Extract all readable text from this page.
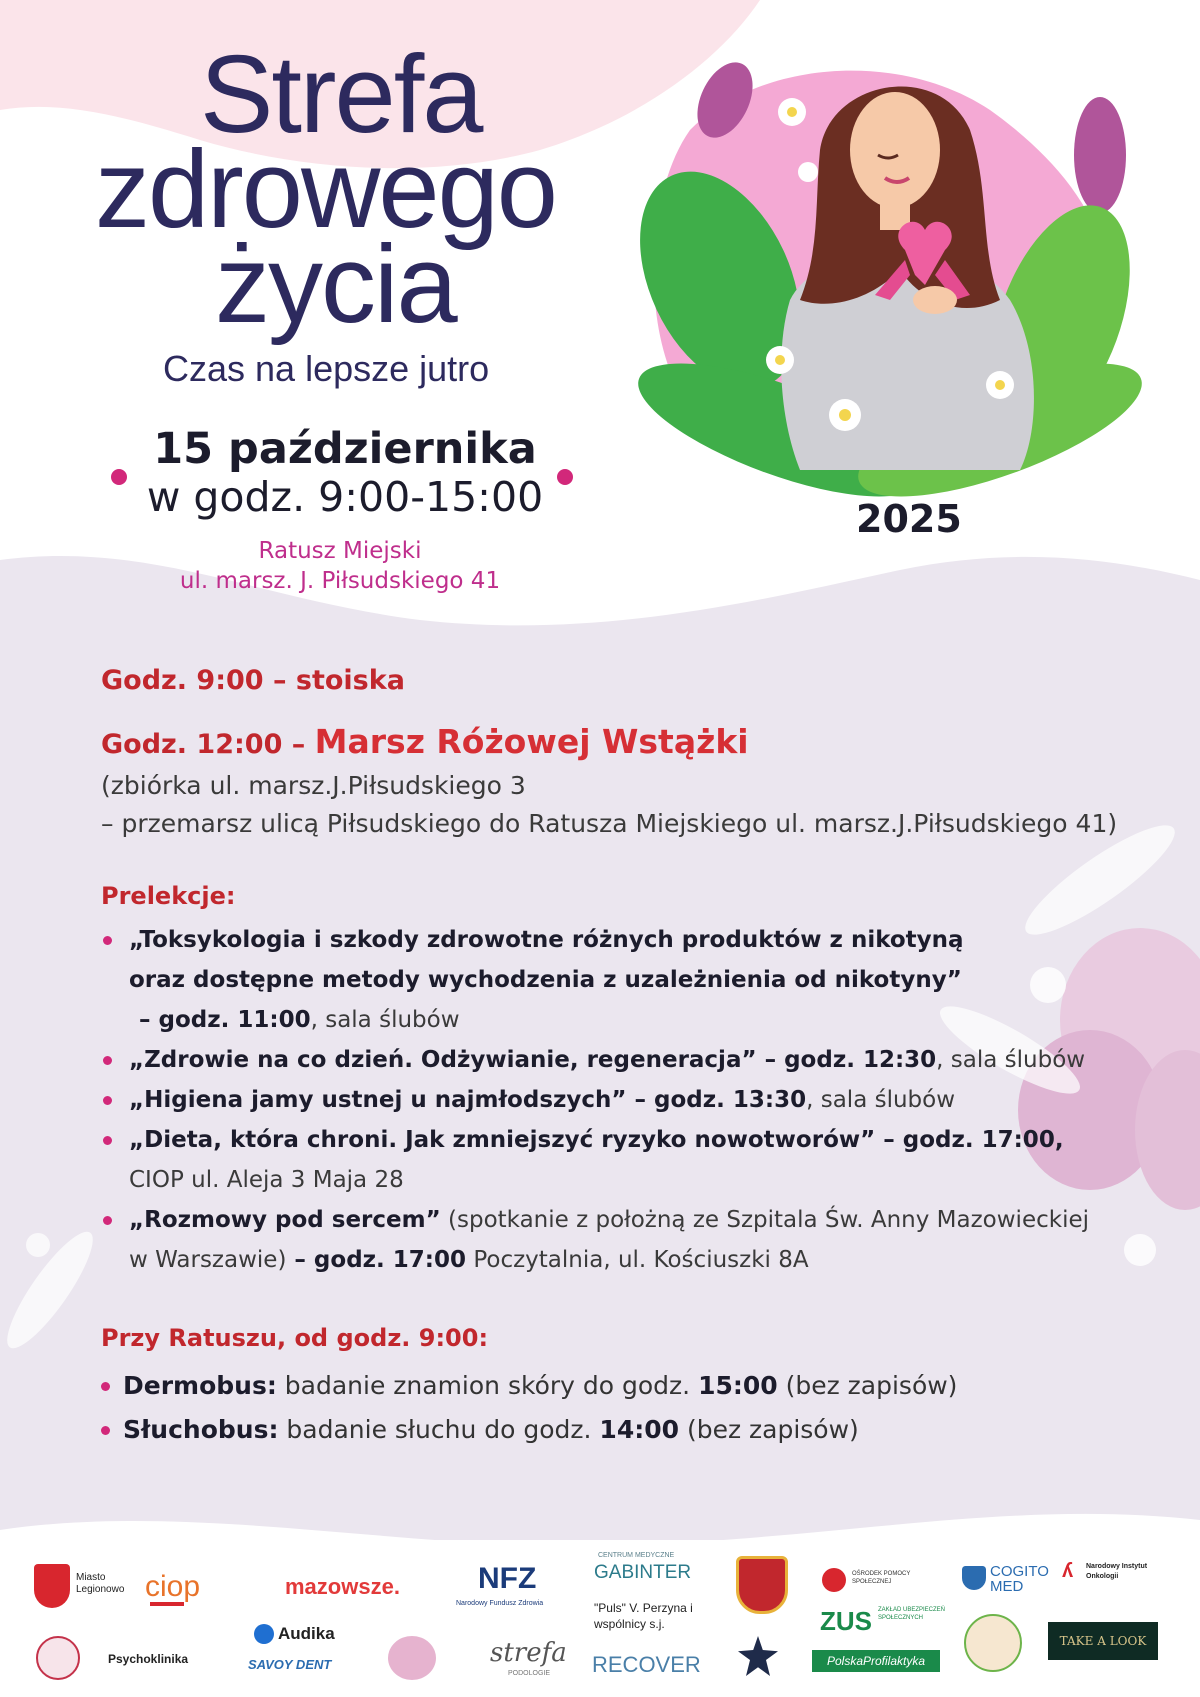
Strefa
zdrowego
życia
Czas na lepsze jutro

15 października

w godz. 9:00-15:00

Ratusz Miejski
ul. marsz. J. Piłsudskiego 41
2025

Godz. 9:00 – stoiska

Godz. 12:00 – Marsz Różowej Wstążki

(zbiórka ul. marsz.J.Piłsudskiego 3

– przemarsz ulicą Piłsudskiego do Ratusza Miejskiego ul. marsz.J.Piłsudskiego 41)

Prelekcje:

„Toksykologia i szkody zdrowotne różnych produktów z nikotyną
oraz dostępne metody wychodzenia z uzależnienia od nikotyny”
– godz. 11:00, sala ślubów
„Zdrowie na co dzień. Odżywianie, regeneracja” – godz. 12:30, sala ślubów
„Higiena jamy ustnej u najmłodszych” – godz. 13:30, sala ślubów
„Dieta, która chroni. Jak zmniejszyć ryzyko nowotworów” – godz. 17:00,
CIOP ul. Aleja 3 Maja 28
„Rozmowy pod sercem” (spotkanie z położną ze Szpitala Św. Anny Mazowieckiej
w Warszawie) – godz. 17:00 Poczytalnia, ul. Kościuszki 8A

Przy Ratuszu, od godz. 9:00:

Dermobus: badanie znamion skóry do godz. 15:00 (bez zapisów)
Słuchobus: badanie słuchu do godz. 14:00 (bez zapisów)
Miasto Legionowo ciop	mazowsze.	NFZ
Narodowy Fundusz Zdrowia
CENTRUM MEDYCZNE
GABINTER
"Puls" V. Perzyna i wspólnicy s.j.
OŚRODEK POMOCY SPOŁECZNEJ
COGITO MED
ʎ Narodowy Instytut Onkologii
Psychoklinika
Audika
SAVOY DENT	strefa
PODOLOGIE RECOVER
ZUS ZAKŁAD UBEZPIECZEŃ SPOŁECZNYCH
PolskaProfilaktyka
TAKE A LOOK
